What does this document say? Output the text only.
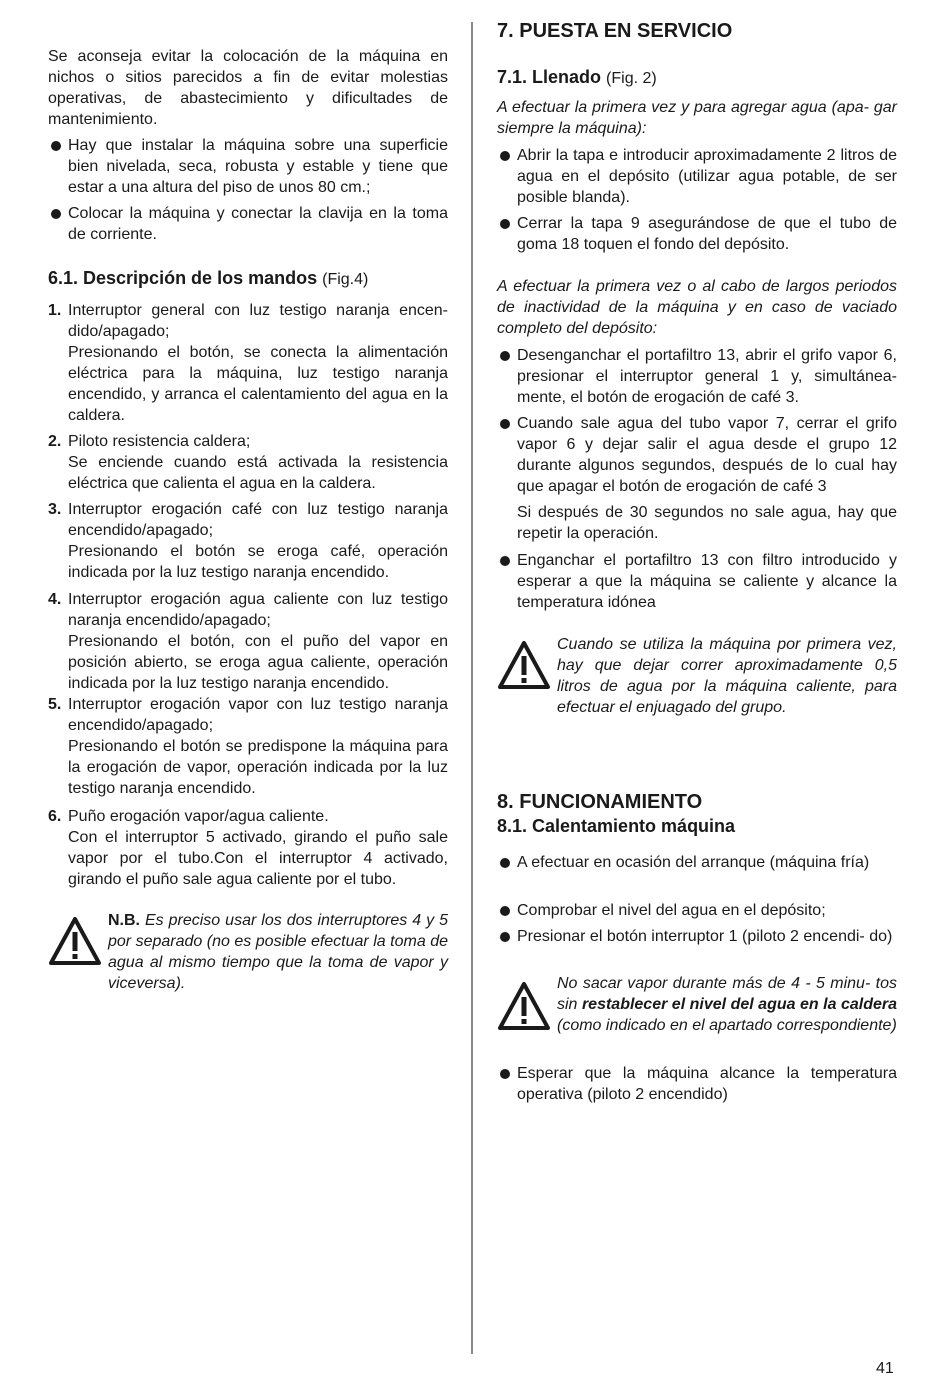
Se aconseja evitar la colocación de la máquina en nichos o sitios parecidos a fin de evitar molestias operativas, de abastecimiento y dificultades de mantenimiento.

Hay que instalar la máquina sobre una superficie bien nivelada, seca, robusta y estable y tiene que estar a una altura del piso de unos 80 cm.;
Colocar la máquina y conectar la clavija en la toma de corriente.
6.1. Descripción de los mandos (Fig.4)
1. Interruptor general con luz testigo naranja encen- dido/apagado;
Presionando el botón, se conecta la alimentación eléctrica para la máquina, luz testigo naranja encendido, y arranca el calentamiento del agua en la caldera.
2. Piloto resistencia caldera;
Se enciende cuando está activada la resistencia eléctrica que calienta el agua en la caldera.
3. Interruptor erogación café con luz testigo naranja encendido/apagado;
Presionando el botón se eroga café, operación indicada por la luz testigo naranja encendido.
4. Interruptor erogación agua caliente con luz testigo naranja encendido/apagado;
Presionando el botón, con el puño del vapor en posición abierto, se eroga agua caliente, operación indicada por la luz testigo naranja encendido.
5. Interruptor erogación vapor con luz testigo naranja encendido/apagado;
Presionando el botón se predispone la máquina para la erogación de vapor, operación indicada por la luz testigo naranja encendido.
6. Puño erogación vapor/agua caliente.
Con el interruptor 5 activado, girando el puño sale vapor por el tubo.Con el interruptor 4 activado, girando el puño sale agua caliente por el tubo.
N.B. Es preciso usar los dos interruptores 4 y 5 por separado (no es posible efectuar la toma de agua al mismo tiempo que la toma de vapor y viceversa).
7. PUESTA EN SERVICIO
7.1. Llenado (Fig. 2)
A efectuar la primera vez y para agregar agua (apa- gar siempre la máquina):
Abrir la tapa e introducir aproximadamente 2 litros de agua en el depósito (utilizar agua potable, de ser posible blanda).
Cerrar la tapa 9 asegurándose de que el tubo de goma 18 toquen el fondo del depósito.
A efectuar la primera vez o al cabo de largos periodos de inactividad de la máquina y en caso de vaciado completo del depósito:
Desenganchar el portafiltro 13, abrir el grifo vapor 6, presionar el interruptor general 1 y, simultánea- mente, el botón de erogación de café 3.
Cuando sale agua del tubo vapor 7, cerrar el grifo vapor 6 y dejar salir el agua desde el grupo 12 durante algunos segundos, después de lo cual hay que apagar el botón de erogación de café 3

Si después de 30 segundos no sale agua, hay que repetir la operación.

Enganchar el portafiltro 13 con filtro introducido y esperar a que la máquina se caliente y alcance la temperatura idónea
Cuando se utiliza la máquina por primera vez, hay que dejar correr aproximadamente 0,5 litros de agua por la máquina caliente, para efectuar el enjuagado del grupo.
8. FUNCIONAMIENTO
8.1. Calentamiento máquina
A efectuar en ocasión del arranque (máquina fría)
Comprobar el nivel del agua en el depósito;
Presionar el botón interruptor 1 (piloto 2 encendi- do)
No sacar vapor durante más de 4 - 5 minu- tos sin restablecer el nivel del agua en la caldera (como indicado en el apartado correspondiente)
Esperar que la máquina alcance la temperatura operativa (piloto 2 encendido)
41
